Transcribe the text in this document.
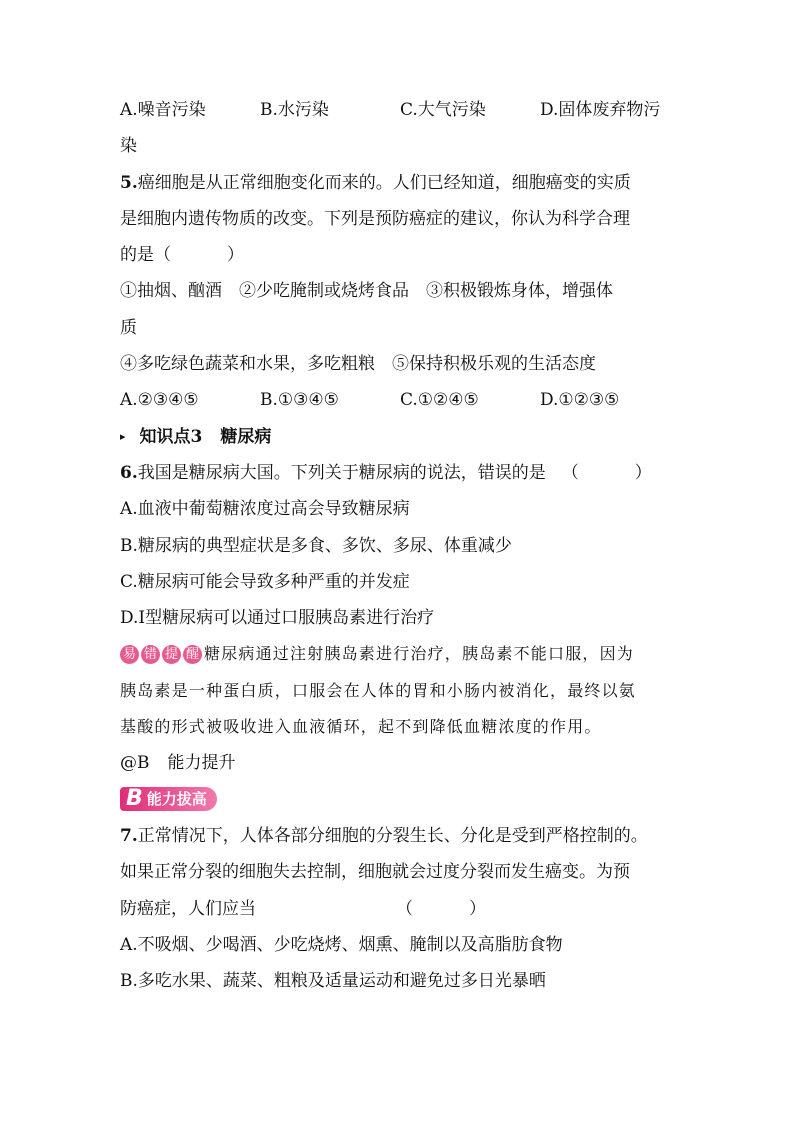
A.噪音污染	B.水污染	C.大气污染	D.固体废弃物污
染
5.癌细胞是从正常细胞变化而来的。人们已经知道，细胞癌变的实质
是细胞内遗传物质的改变。下列是预防癌症的建议，你认为科学合理
的是（	）
①抽烟、酗酒　②少吃腌制或烧烤食品　③积极锻炼身体，增强体
质
④多吃绿色蔬菜和水果，多吃粗粮　⑤保持积极乐观的生活态度
A.②③④⑤	B.①③④⑤	C.①②④⑤	D.①②③⑤
▸ 知识点3 糖尿病
6.我国是糖尿病大国。下列关于糖尿病的说法，错误的是 （	）
A.血液中葡萄糖浓度过高会导致糖尿病
B.糖尿病的典型症状是多食、多饮、多尿、体重减少
C.糖尿病可能会导致多种严重的并发症
D.Ⅰ型糖尿病可以通过口服胰岛素进行治疗
易 错 提 醒 糖尿病通过注射胰岛素进行治疗，胰岛素不能口服，因为
胰岛素是一种蛋白质，口服会在人体的胃和小肠内被消化，最终以氨
基酸的形式被吸收进入血液循环，起不到降低血糖浓度的作用。
@B 能力提升
B 能力拔高
7.正常情况下，人体各部分细胞的分裂生长、分化是受到严格控制的。
如果正常分裂的细胞失去控制，细胞就会过度分裂而发生癌变。为预
防癌症，人们应当	（	）
A.不吸烟、少喝酒、少吃烧烤、烟熏、腌制以及高脂肪食物
B.多吃水果、蔬菜、粗粮及适量运动和避免过多日光暴晒
